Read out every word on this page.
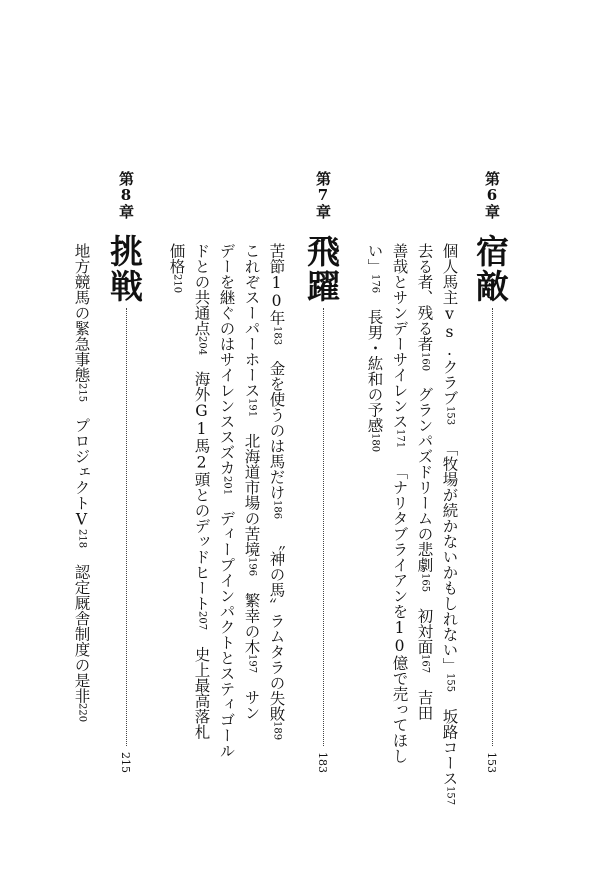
第6章
宿敵
153
個人馬主vs.クラブ153「牧場が続かないかもしれない」155坂路コース157
去る者、残る者160グランパズドリームの悲劇165初対面167吉田
善哉とサンデーサイレンス171「ナリタブライアンを10億で売ってほし
い」176長男・紘和の予感180
第7章
飛躍
183
苦節10年183金を使うのは馬だけ186〝神の馬〟ラムタラの失敗189
これぞスーパーホース191北海道市場の苦境196繁幸の木197サン
デーを継ぐのはサイレンススズカ201ディープインパクトとスティゴール
ドとの共通点204海外G1馬2頭とのデッドヒート207史上最高落札
価格210
第8章
挑戦
215
地方競馬の緊急事態215プロジェクトV218認定厩舎制度の是非220
